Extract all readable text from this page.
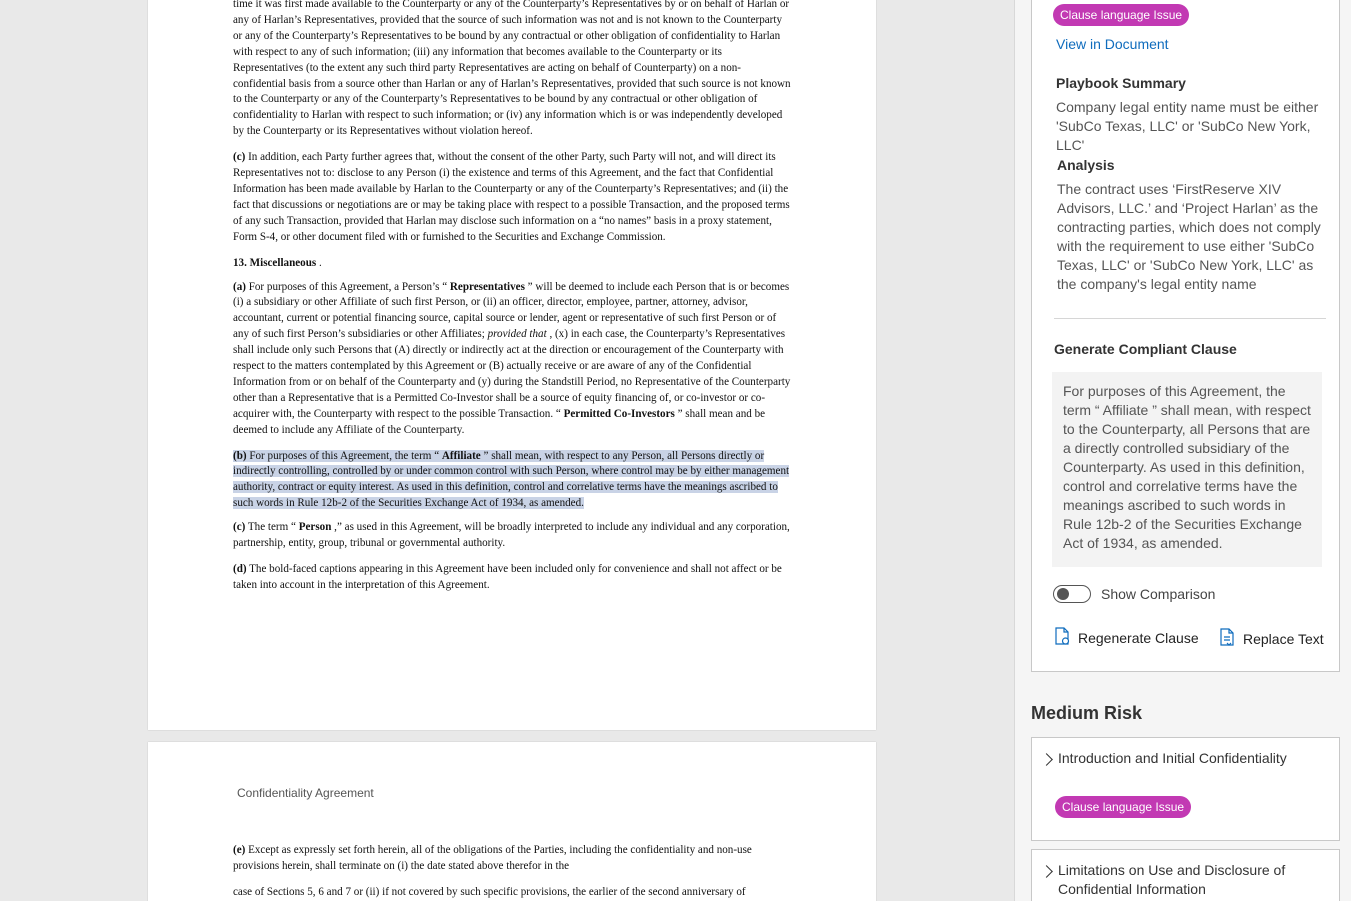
time it was first made available to the Counterparty or any of the Counterparty’s Representatives by or on behalf of Harlan or any of Harlan’s Representatives, provided that the source of such information was not and is not known to the Counterparty or any of the Counterparty’s Representatives to be bound by any contractual or other obligation of confidentiality to Harlan with respect to any of such information; (iii) any information that becomes available to the Counterparty or its Representatives (to the extent any such third party Representatives are acting on behalf of Counterparty) on a non-confidential basis from a source other than Harlan or any of Harlan’s Representatives, provided that such source is not known to the Counterparty or any of the Counterparty’s Representatives to be bound by any contractual or other obligation of confidentiality to Harlan with respect to such information; or (iv) any information which is or was independently developed by the Counterparty or its Representatives without violation hereof.

(c) In addition, each Party further agrees that, without the consent of the other Party, such Party will not, and will direct its Representatives not to: disclose to any Person (i) the existence and terms of this Agreement, and the fact that Confidential Information has been made available by Harlan to the Counterparty or any of the Counterparty’s Representatives; and (ii) the fact that discussions or negotiations are or may be taking place with respect to a possible Transaction, and the proposed terms of any such Transaction, provided that Harlan may disclose such information on a “no names” basis in a proxy statement, Form S-4, or other document filed with or furnished to the Securities and Exchange Commission.

13. Miscellaneous .

(a) For purposes of this Agreement, a Person’s “ Representatives ” will be deemed to include each Person that is or becomes (i) a subsidiary or other Affiliate of such first Person, or (ii) an officer, director, employee, partner, attorney, advisor, accountant, current or potential financing source, capital source or lender, agent or representative of such first Person or of any of such first Person’s subsidiaries or other Affiliates; provided that , (x) in each case, the Counterparty’s Representatives shall include only such Persons that (A) directly or indirectly act at the direction or encouragement of the Counterparty with respect to the matters contemplated by this Agreement or (B) actually receive or are aware of any of the Confidential Information from or on behalf of the Counterparty and (y) during the Standstill Period, no Representative of the Counterparty other than a Representative that is a Permitted Co-Investor shall be a source of equity financing of, or co-investor or co-acquirer with, the Counterparty with respect to the possible Transaction. “ Permitted Co-Investors ” shall mean and be deemed to include any Affiliate of the Counterparty.

(b) For purposes of this Agreement, the term “ Affiliate ” shall mean, with respect to any Person, all Persons directly or indirectly controlling, controlled by or under common control with such Person, where control may be by either management authority, contract or equity interest. As used in this definition, control and correlative terms have the meanings ascribed to such words in Rule 12b-2 of the Securities Exchange Act of 1934, as amended.

(c) The term “ Person ,” as used in this Agreement, will be broadly interpreted to include any individual and any corporation, partnership, entity, group, tribunal or governmental authority.

(d) The bold-faced captions appearing in this Agreement have been included only for convenience and shall not affect or be taken into account in the interpretation of this Agreement.

Confidentiality Agreement

(e) Except as expressly set forth herein, all of the obligations of the Parties, including the confidentiality and non-use provisions herein, shall terminate on (i) the date stated above therefor in the

case of Sections 5, 6 and 7 or (ii) if not covered by such specific provisions, the earlier of the second anniversary of

Clause language Issue
View in Document
Playbook Summary
Company legal entity name must be either 'SubCo Texas, LLC' or 'SubCo New York, LLC'
Analysis
The contract uses ‘FirstReserve XIV Advisors, LLC.’ and ‘Project Harlan’ as the contracting parties, which does not comply with the requirement to use either 'SubCo Texas, LLC' or 'SubCo New York, LLC' as the company's legal entity name
Generate Compliant Clause
For purposes of this Agreement, the term “ Affiliate ” shall mean, with respect to the Counterparty, all Persons that are a directly controlled subsidiary of the Counterparty. As used in this definition, control and correlative terms have the meanings ascribed to such words in Rule 12b-2 of the Securities Exchange Act of 1934, as amended.
Show Comparison
Regenerate Clause	Replace Text
Medium Risk
Introduction and Initial Confidentiality
Clause language Issue
Limitations on Use and Disclosure of Confidential Information
